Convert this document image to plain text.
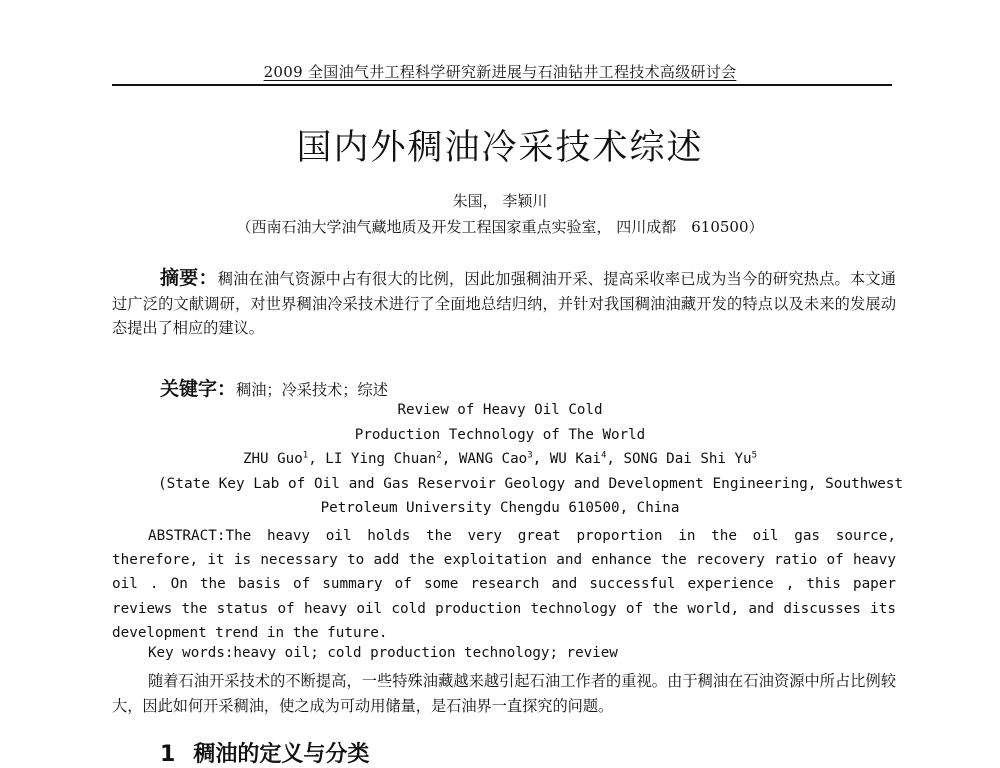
2009 全国油气井工程科学研究新进展与石油钻井工程技术高级研讨会
国内外稠油冷采技术综述
朱国， 李颖川
（西南石油大学油气藏地质及开发工程国家重点实验室， 四川成都　610500）
摘要：稠油在油气资源中占有很大的比例，因此加强稠油开采、提高采收率已成为当今的研究热点。本文通过广泛的文献调研，对世界稠油冷采技术进行了全面地总结归纳，并针对我国稠油油藏开发的特点以及未来的发展动态提出了相应的建议。
关键字：稠油；冷采技术；综述
Review of Heavy Oil Cold
Production Technology of The World
ZHU Guo$^1$, LI Ying Chuan$^2$, WANG Cao$^3$, WU Kai$^4$, SONG Dai Shi Yu$^5$
(State Key Lab of Oil and Gas Reservoir Geology and Development Engineering, Southwest
Petroleum University Chengdu 610500, China
ABSTRACT:The heavy oil holds the very great proportion in the oil gas source, therefore, it is necessary to add the exploitation and enhance the recovery ratio of heavy oil . On the basis of summary of some research and successful experience , this paper reviews the status of heavy oil cold production technology of the world, and discusses its development trend in the future.
Key words:heavy oil; cold production technology; review
随着石油开采技术的不断提高，一些特殊油藏越来越引起石油工作者的重视。由于稠油在石油资源中所占比例较大，因此如何开采稠油，使之成为可动用储量，是石油界一直探究的问题。
1 稠油的定义与分类
